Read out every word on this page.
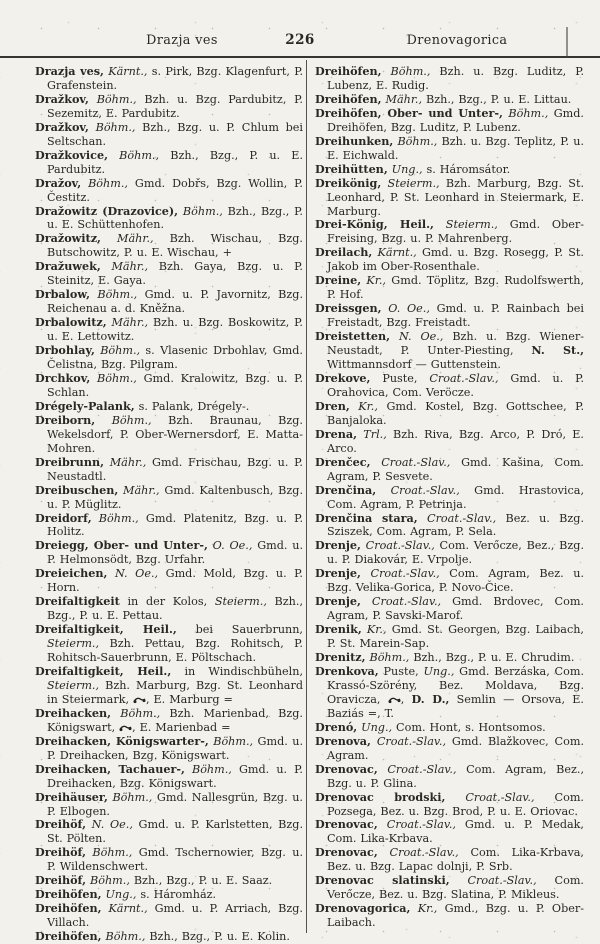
Drazja ves	226	Drenovagorica

Drazja ves, Kärnt., s. Pirk, Bzg. Klagenfurt, P. Grafenstein.

Dražkov, Böhm., Bzh. u. Bzg. Pardubitz, P. Sezemitz, E. Pardubitz.

Dražkov, Böhm., Bzh., Bzg. u. P. Chlum bei Seltschan.

Dražkovice, Böhm., Bzh., Bzg., P. u. E. Pardubitz.

Dražov, Böhm., Gmd. Dobřs, Bzg. Wollin, P. Čestitz.

Dražowitz (Drazovice), Böhm., Bzh., Bzg., P. u. E. Schüttenhofen.

Dražowitz, Mähr., Bzh. Wischau, Bzg. Butschowitz, P. u. E. Wischau, +

Dražuwek, Mähr., Bzh. Gaya, Bzg. u. P. Steinitz, E. Gaya.

Drbalow, Böhm., Gmd. u. P. Javornitz, Bzg. Reichenau a. d. Kněžna.

Drbalowitz, Mähr., Bzh. u. Bzg. Boskowitz, P. u. E. Lettowitz.

Drbohlay, Böhm., s. Vlasenic Drbohlav, Gmd. Čelistna, Bzg. Pilgram.

Drchkov, Böhm., Gmd. Kralowitz, Bzg. u. P. Schlan.

Drégely-Palank, s. Palank, Drégely-.

Dreiborn, Böhm., Bzh. Braunau, Bzg. Wekelsdorf, P. Ober-Wernersdorf, E. Matta-Mohren.

Dreibrunn, Mähr., Gmd. Frischau, Bzg. u. P. Neustadtl.

Dreibuschen, Mähr., Gmd. Kaltenbusch, Bzg. u. P. Müglitz.

Dreidorf, Böhm., Gmd. Platenitz, Bzg. u. P. Holitz.

Dreiegg, Ober- und Unter-, O. Oe., Gmd. u. P. Helmonsödt, Bzg. Urfahr.

Dreieichen, N. Oe., Gmd. Mold, Bzg. u. P. Horn.

Dreifaltigkeit in der Kolos, Steierm., Bzh., Bzg., P. u. E. Pettau.

Dreifaltigkeit, Heil., bei Sauerbrunn, Steierm., Bzh. Pettau, Bzg. Rohitsch, P. Rohitsch-Sauerbrunn, E. Pöltschach.

Dreifaltigkeit, Heil., in Windischbüheln, Steierm., Bzh. Marburg, Bzg. St. Leonhard in Steiermark, , E. Marburg =

Dreihacken, Böhm., Bzh. Marienbad, Bzg. Königswart, , E. Marienbad =

Dreihacken, Königswarter-, Böhm., Gmd. u. P. Dreihacken, Bzg. Königswart.

Dreihacken, Tachauer-, Böhm., Gmd. u. P. Dreihacken, Bzg. Königswart.

Dreihäuser, Böhm., Gmd. Nallesgrün, Bzg. u. P. Elbogen.

Dreihöf, N. Oe., Gmd. u. P. Karlstetten, Bzg. St. Pölten.

Dreihöf, Böhm., Gmd. Tschernowier, Bzg. u. P. Wildenschwert.

Dreihöf, Böhm., Bzh., Bzg., P. u. E. Saaz.

Dreihöfen, Ung., s. Háromház.

Dreihöfen, Kärnt., Gmd. u. P. Arriach, Bzg. Villach.

Dreihöfen, Böhm., Bzh., Bzg., P. u. E. Kolin.

Dreihöfen, Böhm., Bzh. u. Bzg. Luditz, P. Lubenz, E. Rudig.

Dreihöfen, Mähr., Bzh., Bzg., P. u. E. Littau.

Dreihöfen, Ober- und Unter-, Böhm., Gmd. Dreihöfen, Bzg. Luditz, P. Lubenz.

Dreihunken, Böhm., Bzh. u. Bzg. Teplitz, P. u. E. Eichwald.

Dreihütten, Ung., s. Háromsátor.

Dreikönig, Steierm., Bzh. Marburg, Bzg. St. Leonhard, P. St. Leonhard in Steiermark, E. Marburg.

Drei-König, Heil., Steierm., Gmd. Ober-Freising, Bzg. u. P. Mahrenberg.

Dreilach, Kärnt., Gmd. u. Bzg. Rosegg, P. St. Jakob im Ober-Rosenthale.

Dreine, Kr., Gmd. Töplitz, Bzg. Rudolfswerth, P. Hof.

Dreissgen, O. Oe., Gmd. u. P. Rainbach bei Freistadt, Bzg. Freistadt.

Dreistetten, N. Oe., Bzh. u. Bzg. Wiener-Neustadt, P. Unter-Piesting, N. St., Wittmannsdorf — Guttenstein.

Drekove, Puste, Croat.-Slav., Gmd. u. P. Orahovica, Com. Veröcze.

Dren, Kr., Gmd. Kostel, Bzg. Gottschee, P. Banjaloka.

Drena, Trl., Bzh. Riva, Bzg. Arco, P. Dró, E. Arco.

Drenčec, Croat.-Slav., Gmd. Kašina, Com. Agram, P. Sesvete.

Drenčina, Croat.-Slav., Gmd. Hrastovica, Com. Agram, P. Petrinja.

Drenčina stara, Croat.-Slav., Bez. u. Bzg. Sziszek, Com. Agram, P. Sela.

Drenje, Croat.-Slav., Com. Verőcze, Bez., Bzg. u. P. Diakovár, E. Vrpolje.

Drenje, Croat.-Slav., Com. Agram, Bez. u. Bzg. Velika-Gorica, P. Novo-Čice.

Drenje, Croat.-Slav., Gmd. Brdovec, Com. Agram, P. Savski-Marof.

Drenik, Kr., Gmd. St. Georgen, Bzg. Laibach, P. St. Marein-Sap.

Drenitz, Böhm., Bzh., Bzg., P. u. E. Chrudim.

Drenkova, Puste, Ung., Gmd. Berzáska, Com. Krassó-Szörény, Bez. Moldava, Bzg. Oravicza, , D. D., Semlin — Orsova, E. Baziás =, T.

Drenó, Ung., Com. Hont, s. Hontsomos.

Drenova, Croat.-Slav., Gmd. Blažkovec, Com. Agram.

Drenovac, Croat.-Slav., Com. Agram, Bez., Bzg. u. P. Glina.

Drenovac brodski, Croat.-Slav., Com. Pozsega, Bez. u. Bzg. Brod, P. u. E. Oriovac.

Drenovac, Croat.-Slav., Gmd. u. P. Medak, Com. Lika-Krbava.

Drenovac, Croat.-Slav., Com. Lika-Krbava, Bez. u. Bzg. Lapac dolnji, P. Srb.

Drenovac slatinski, Croat.-Slav., Com. Verőcze, Bez. u. Bzg. Slatina, P. Mikleus.

Drenovagorica, Kr., Gmd., Bzg. u. P. Ober-Laibach.
